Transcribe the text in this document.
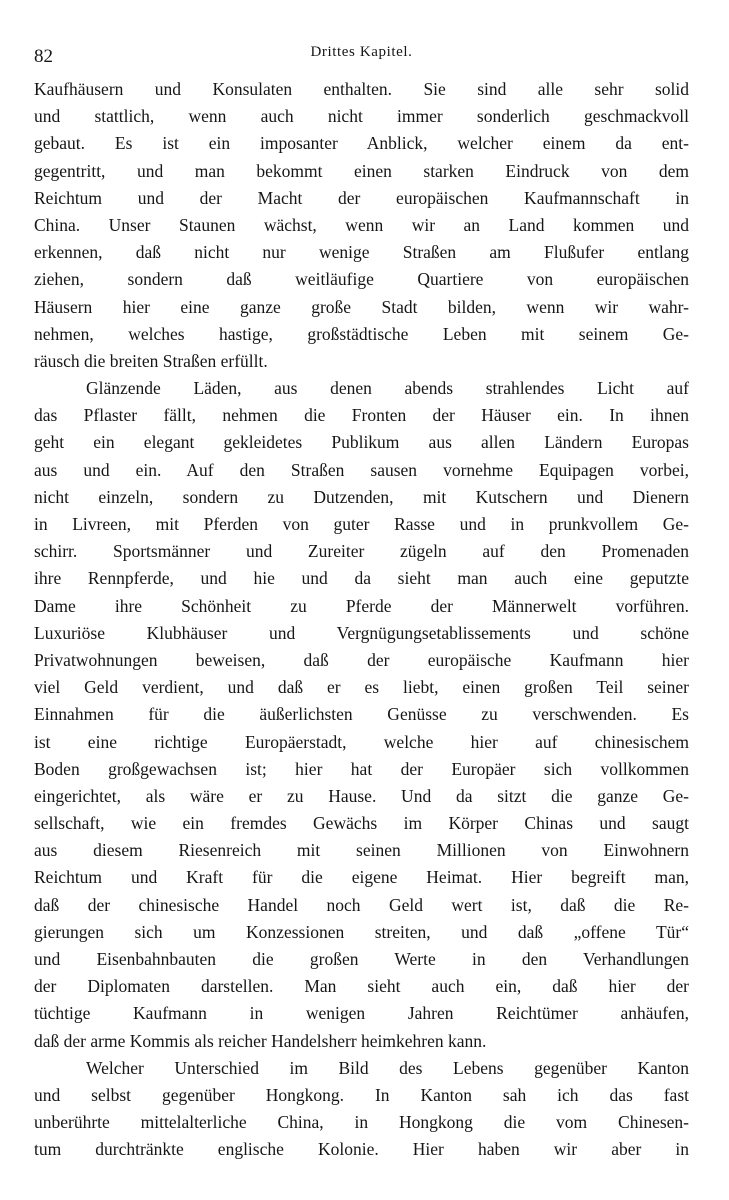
82	Drittes Kapitel.
Kaufhäusern und Konsulaten enthalten. Sie sind alle sehr solid
und stattlich, wenn auch nicht immer sonderlich geschmackvoll
gebaut. Es ist ein imposanter Anblick, welcher einem da ent-
gegentritt, und man bekommt einen starken Eindruck von dem
Reichtum und der Macht der europäischen Kaufmannschaft in
China. Unser Staunen wächst, wenn wir an Land kommen und
erkennen, daß nicht nur wenige Straßen am Flußufer entlang
ziehen, sondern daß weitläufige Quartiere von europäischen
Häusern hier eine ganze große Stadt bilden, wenn wir wahr-
nehmen, welches hastige, großstädtische Leben mit seinem Ge-
räusch die breiten Straßen erfüllt.
Glänzende Läden, aus denen abends strahlendes Licht auf
das Pflaster fällt, nehmen die Fronten der Häuser ein. In ihnen
geht ein elegant gekleidetes Publikum aus allen Ländern Europas
aus und ein. Auf den Straßen sausen vornehme Equipagen vorbei,
nicht einzeln, sondern zu Dutzenden, mit Kutschern und Dienern
in Livreen, mit Pferden von guter Rasse und in prunkvollem Ge-
schirr. Sportsmänner und Zureiter zügeln auf den Promenaden
ihre Rennpferde, und hie und da sieht man auch eine geputzte
Dame ihre Schönheit zu Pferde der Männerwelt vorführen.
Luxuriöse Klubhäuser und Vergnügungsetablissements und schöne
Privatwohnungen beweisen, daß der europäische Kaufmann hier
viel Geld verdient, und daß er es liebt, einen großen Teil seiner
Einnahmen für die äußerlichsten Genüsse zu verschwenden. Es
ist eine richtige Europäerstadt, welche hier auf chinesischem
Boden großgewachsen ist; hier hat der Europäer sich vollkommen
eingerichtet, als wäre er zu Hause. Und da sitzt die ganze Ge-
sellschaft, wie ein fremdes Gewächs im Körper Chinas und saugt
aus diesem Riesenreich mit seinen Millionen von Einwohnern
Reichtum und Kraft für die eigene Heimat. Hier begreift man,
daß der chinesische Handel noch Geld wert ist, daß die Re-
gierungen sich um Konzessionen streiten, und daß „offene Tür“
und Eisenbahnbauten die großen Werte in den Verhandlungen
der Diplomaten darstellen. Man sieht auch ein, daß hier der
tüchtige Kaufmann in wenigen Jahren Reichtümer anhäufen,
daß der arme Kommis als reicher Handelsherr heimkehren kann.
Welcher Unterschied im Bild des Lebens gegenüber Kanton
und selbst gegenüber Hongkong. In Kanton sah ich das fast
unberührte mittelalterliche China, in Hongkong die vom Chinesen-
tum durchtränkte englische Kolonie. Hier haben wir aber in
